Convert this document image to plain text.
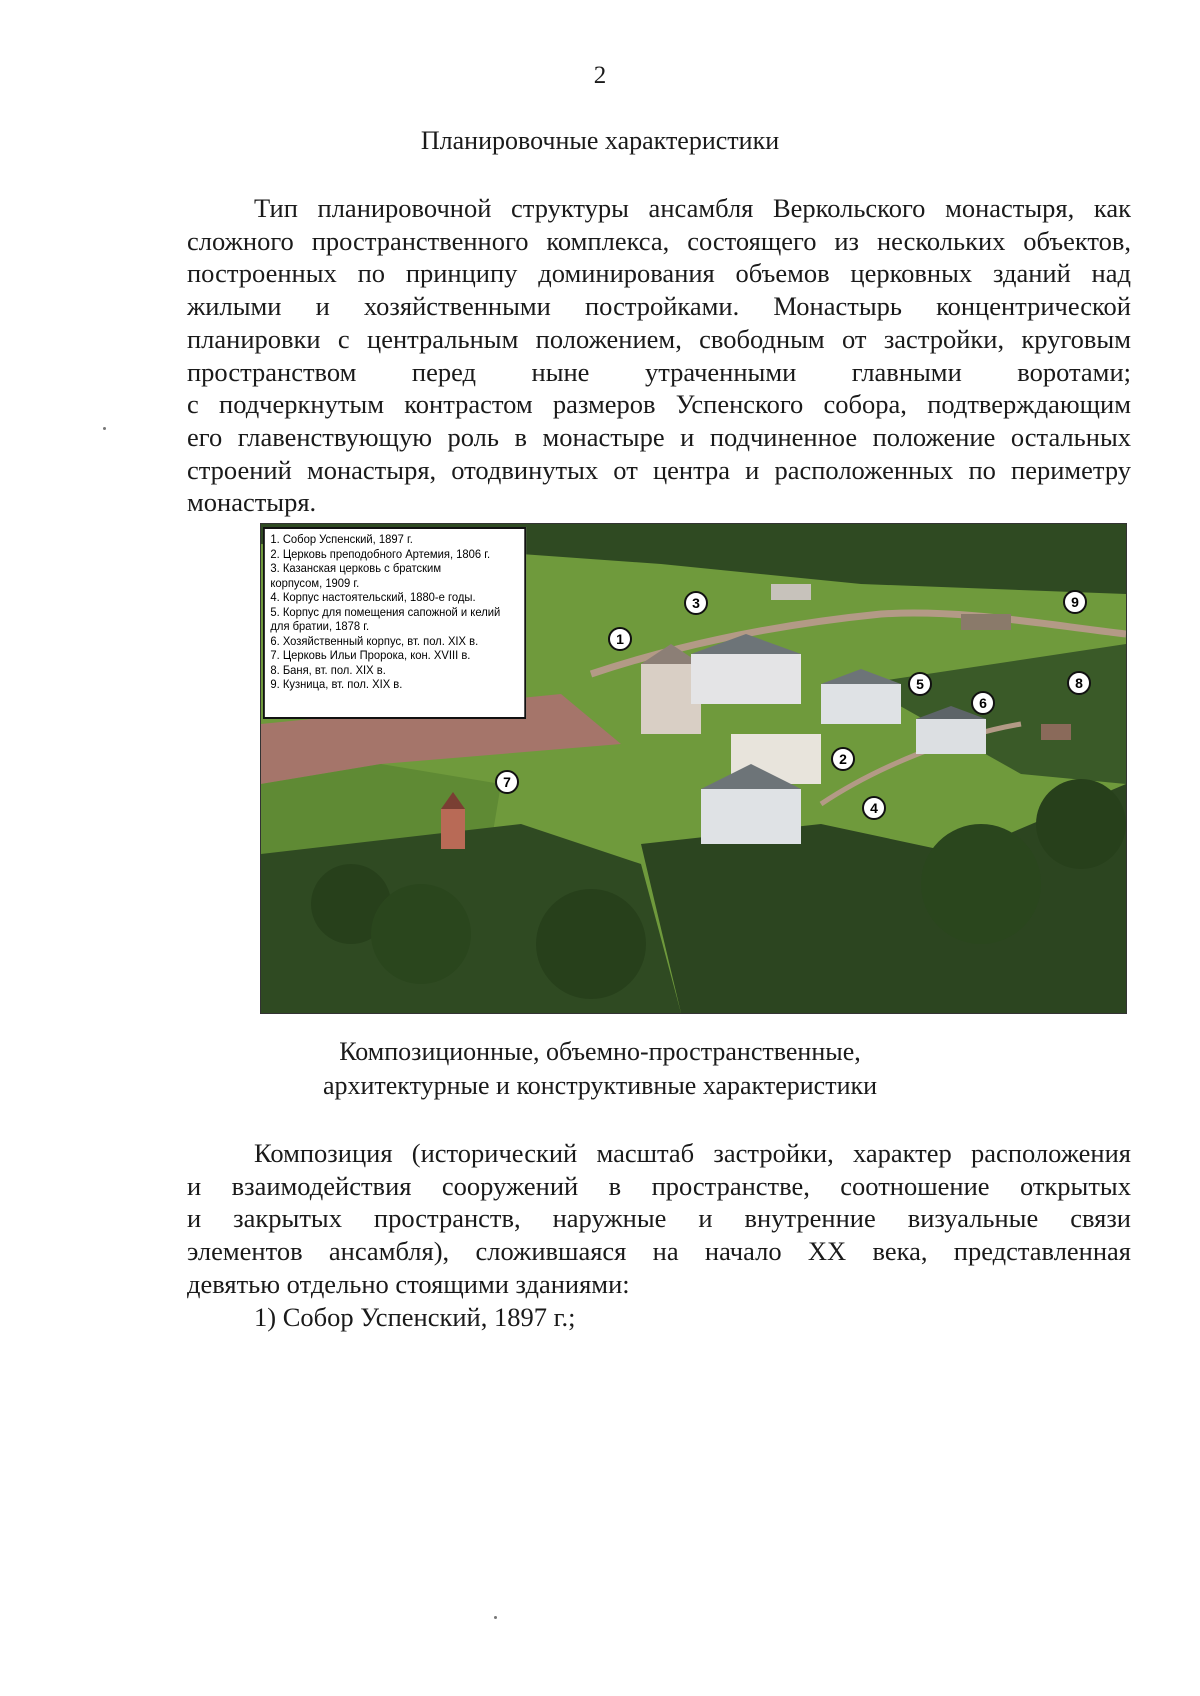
2
Планировочные характеристики
Тип планировочной структуры ансамбля Веркольского монастыря, как
сложного пространственного комплекса, состоящего из нескольких объектов,
построенных по принципу доминирования объемов церковных зданий над
жилыми и хозяйственными постройками. Монастырь концентрической
планировки с центральным положением, свободным от застройки, круговым
пространством перед ныне утраченными главными воротами;
с подчеркнутым контрастом размеров Успенского собора, подтверждающим
его главенствующую роль в монастыре и подчиненное положение остальных
строений монастыря, отодвинутых от центра и расположенных по периметру
монастыря.
1. Собор Успенский, 1897 г.
2. Церковь преподобного Артемия, 1806 г.
3. Казанская церковь с братским
корпусом, 1909 г.
4. Корпус настоятельский, 1880-е годы.
5. Корпус для помещения сапожной и келий
для братии, 1878 г.
6. Хозяйственный корпус, вт. пол. XIX в.
7. Церковь Ильи Пророка, кон. XVIII в.
8. Баня, вт. пол. XIX в.
9. Кузница, вт. пол. XIX в.
1
2
3
4
5
6
7
8
9
Композиционные, объемно-пространственные,
архитектурные и конструктивные характеристики
Композиция (исторический масштаб застройки, характер расположения
и взаимодействия сооружений в пространстве, соотношение открытых
и закрытых пространств, наружные и внутренние визуальные связи
элементов ансамбля), сложившаяся на начало XX века, представленная
девятью отдельно стоящими зданиями:
1) Собор Успенский, 1897 г.;
